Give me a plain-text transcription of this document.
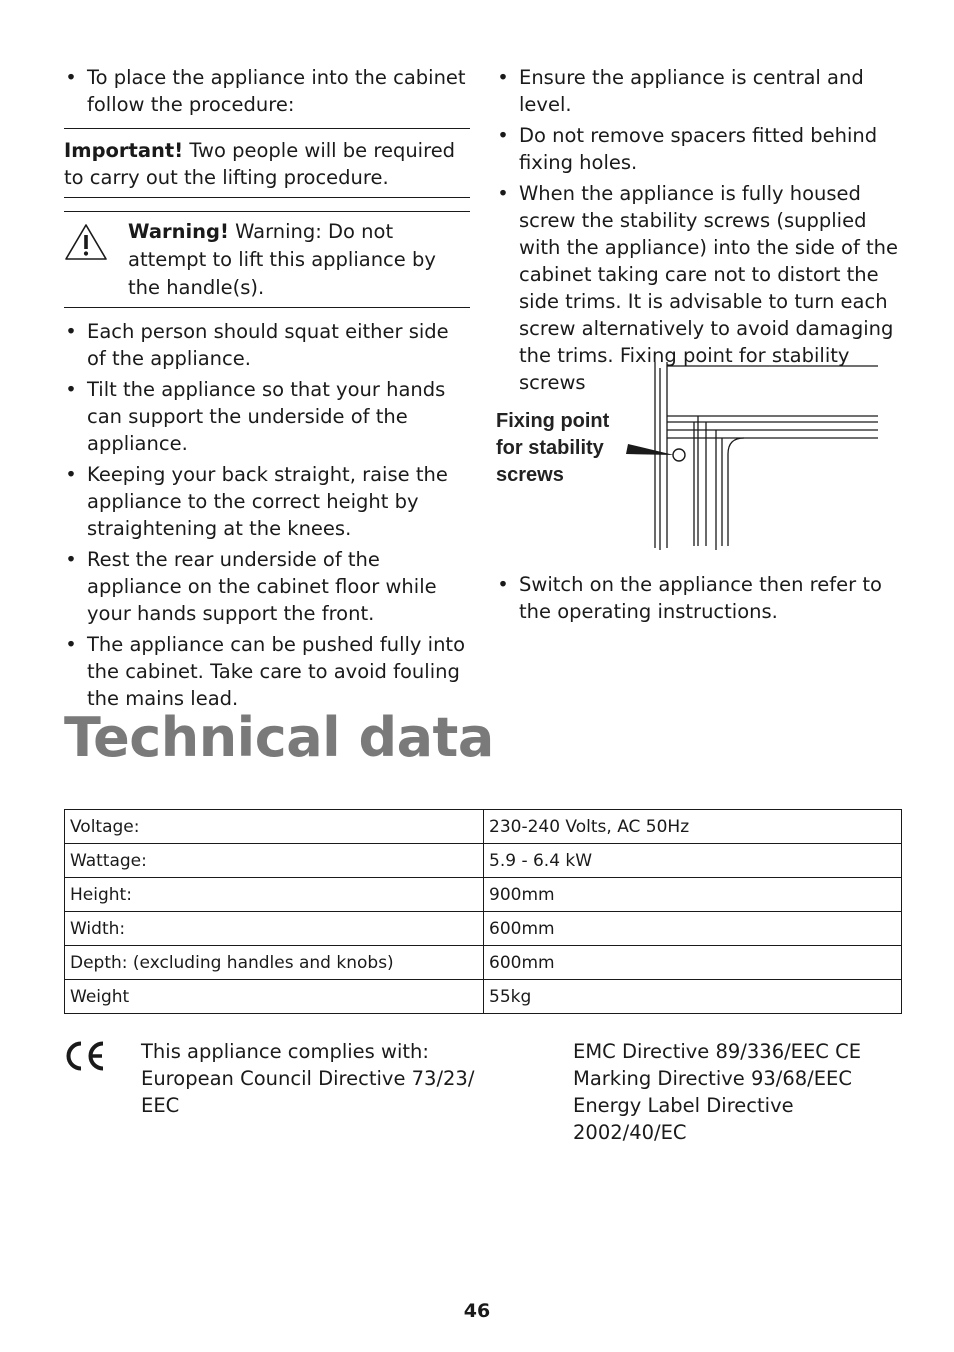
• To place the appliance into the cabinet follow the procedure:
Important! Two people will be required to carry out the lifting procedure.
Warning! Warning: Do not attempt to lift this appliance by the handle(s).
• Each person should squat either side of the appliance.
• Tilt the appliance so that your hands can support the underside of the appliance.
• Keeping your back straight, raise the appliance to the correct height by straightening at the knees.
• Rest the rear underside of the appliance on the cabinet floor while your hands support the front.
• The appliance can be pushed fully into the cabinet. Take care to avoid fouling the mains lead.
• Ensure the appliance is central and level.
• Do not remove spacers fitted behind fixing holes.
• When the appliance is fully housed screw the stability screws (supplied with the appliance) into the side of the cabinet taking care not to distort the side trims. It is advisable to turn each screw alternatively to avoid damaging the trims. Fixing point for stability screws
Fixing point
for stability
screws
• Switch on the appliance then refer to the operating instructions.
Technical data
Voltage:	230-240 Volts, AC 50Hz
Wattage:	5.9 - 6.4 kW
Height:	900mm
Width:	600mm
Depth: (excluding handles and knobs)	600mm
Weight	55kg
This appliance complies with:
European Council Directive 73/23/
EEC
EMC Directive 89/336/EEC CE
Marking Directive 93/68/EEC
Energy Label Directive 2002/40/EC
46
